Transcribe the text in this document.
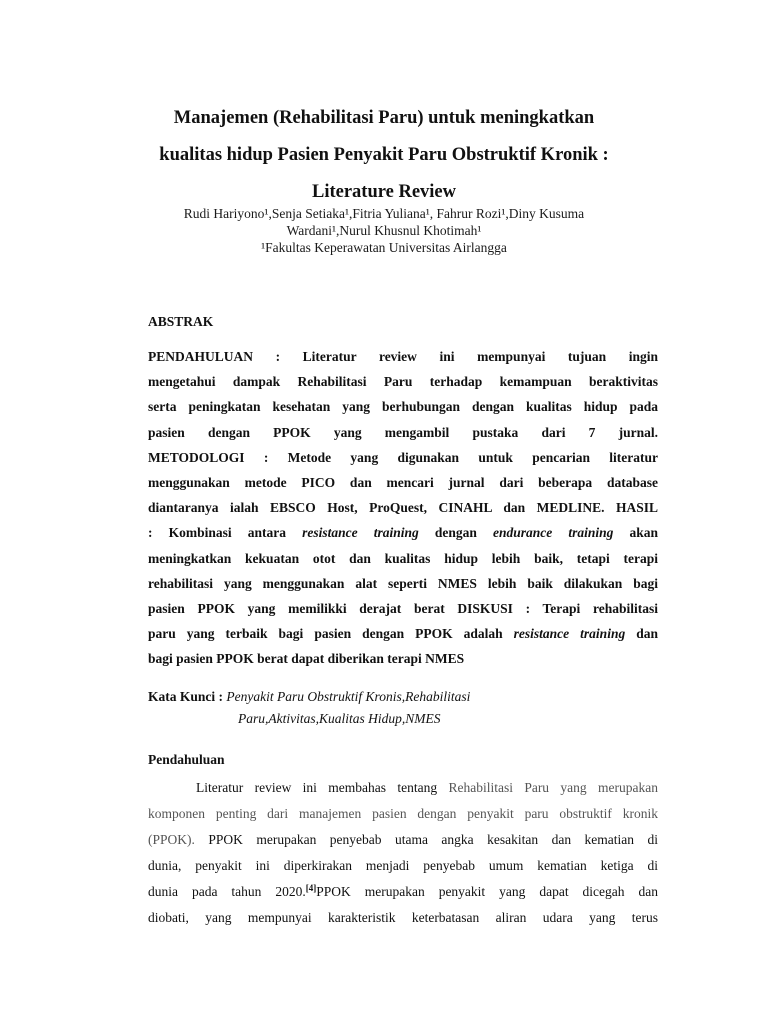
Manajemen (Rehabilitasi Paru) untuk meningkatkan
kualitas hidup Pasien Penyakit Paru Obstruktif Kronik :
Literature Review
Rudi Hariyono¹,Senja Setiaka¹,Fitria Yuliana¹, Fahrur Rozi¹,Diny Kusuma
Wardani¹,Nurul Khusnul Khotimah¹
¹Fakultas Keperawatan Universitas Airlangga
ABSTRAK
PENDAHULUAN : Literatur review ini mempunyai tujuan ingin
mengetahui dampak Rehabilitasi Paru terhadap kemampuan beraktivitas
serta peningkatan kesehatan yang berhubungan dengan kualitas hidup pada
pasien dengan PPOK yang mengambil pustaka dari 7 jurnal.
METODOLOGI : Metode yang digunakan untuk pencarian literatur
menggunakan metode PICO dan mencari jurnal dari beberapa database
diantaranya ialah EBSCO Host, ProQuest, CINAHL dan MEDLINE. HASIL
: Kombinasi antara resistance training dengan endurance training akan
meningkatkan kekuatan otot dan kualitas hidup lebih baik, tetapi terapi
rehabilitasi yang menggunakan alat seperti NMES lebih baik dilakukan bagi
pasien PPOK yang memilikki derajat berat DISKUSI : Terapi rehabilitasi
paru yang terbaik bagi pasien dengan PPOK adalah resistance training dan
bagi pasien PPOK berat dapat diberikan terapi NMES
Kata Kunci : Penyakit Paru Obstruktif Kronis,Rehabilitasi
Paru,Aktivitas,Kualitas Hidup,NMES
Pendahuluan
Literatur review ini membahas tentang Rehabilitasi Paru yang merupakan
komponen penting dari manajemen pasien dengan penyakit paru obstruktif kronik
(PPOK). PPOK merupakan penyebab utama angka kesakitan dan kematian di
dunia, penyakit ini diperkirakan menjadi penyebab umum kematian ketiga di
dunia pada tahun 2020.[4]PPOK merupakan penyakit yang dapat dicegah dan
diobati, yang mempunyai karakteristik keterbatasan aliran udara yang terus
